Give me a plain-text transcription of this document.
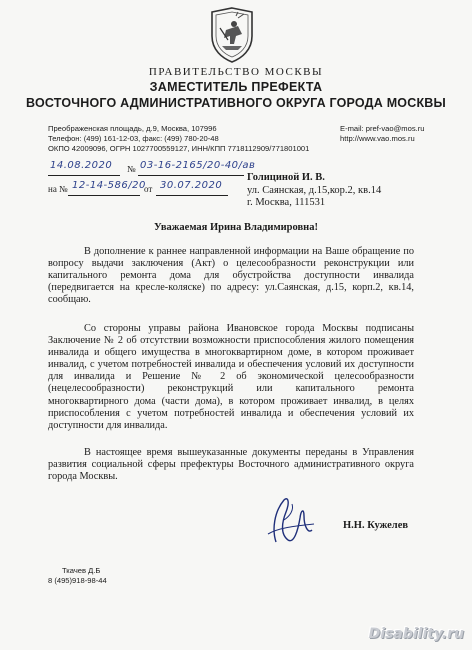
ПРАВИТЕЛЬСТВО МОСКВЫ
ЗАМЕСТИТЕЛЬ ПРЕФЕКТА
ВОСТОЧНОГО АДМИНИСТРАТИВНОГО ОКРУГА ГОРОДА МОСКВЫ
Преображенская площадь, д.9, Москва, 107996
Телефон: (499) 161-12-03, факс: (499) 780-20-48
ОКПО 42009096, ОГРН 1027700559127, ИНН/КПП 7718112909/771801001
E-mail: pref-vao@mos.ru
http://www.vao.mos.ru
14.08.2020 № 03-16-2165/20-40/ав
на № 12-14-586/20
от 30.07.2020
Голициной И. В.
ул. Саянская, д.15,кор.2, кв.14
г. Москва, 111531
Уважаемая Ирина Владимировна!

В дополнение к раннее направленной информации на Ваше обращение по вопросу выдачи заключения (Акт) о целесообразности реконструкции или капитального ремонта дома для обустройства доступности инвалида (передвигается на кресле-коляске) по адресу: ул.Саянская, д.15, корп.2, кв.14, сообщаю.

Со стороны управы района Ивановское города Москвы подписаны Заключение № 2 об отсутствии возможности приспособления жилого помещения инвалида и общего имущества в многоквартирном доме, в котором проживает инвалид, с учетом потребностей инвалида и обеспечения условий их доступности для инвалида и Решение № 2 об экономической целесообразности (нецелесообразности) реконструкций или капитального ремонта многоквартирного дома (части дома), в котором проживает инвалид, в целях приспособления с учетом потребностей инвалида и обеспечения условий их доступности для инвалида.

В настоящее время вышеуказанные документы переданы в Управления развития социальной сферы префектуры Восточного административного округа города Москвы.

Н.Н. Кужелев
Ткачев Д.Б
8 (495)918-98-44
Disability.ru
